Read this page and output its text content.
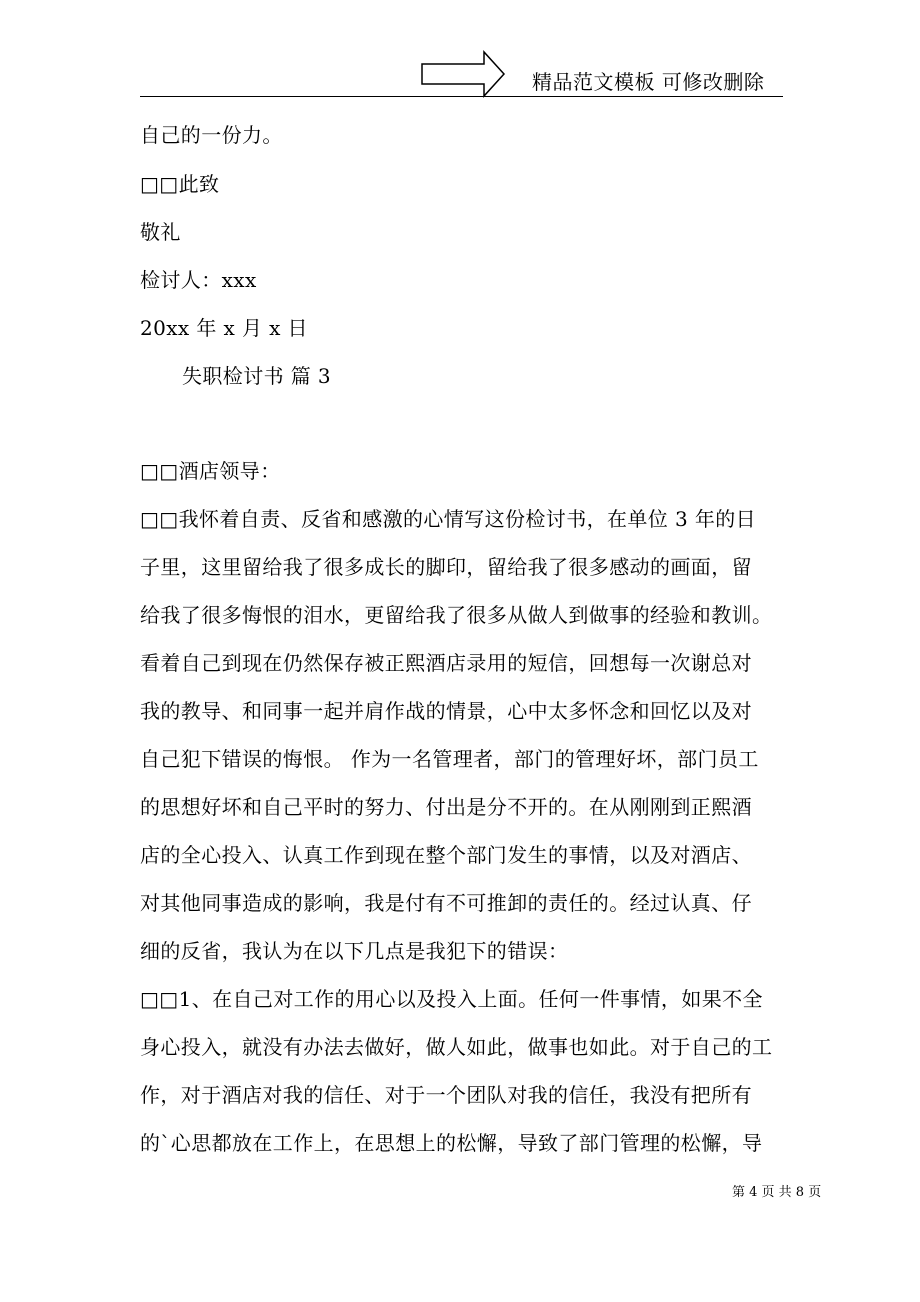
精品范文模板 可修改删除
自己的一份力。
□□此致
敬礼
检讨人：xxx
20xx 年 x 月 x 日
失职检讨书 篇 3
□□酒店领导：
□□我怀着自责、反省和感激的心情写这份检讨书，在单位 3 年的日
子里，这里留给我了很多成长的脚印，留给我了很多感动的画面，留
给我了很多悔恨的泪水，更留给我了很多从做人到做事的经验和教训。
看着自己到现在仍然保存被正熙酒店录用的短信，回想每一次谢总对
我的教导、和同事一起并肩作战的情景，心中太多怀念和回忆以及对
自己犯下错误的悔恨。 作为一名管理者，部门的管理好坏，部门员工
的思想好坏和自己平时的努力、付出是分不开的。在从刚刚到正熙酒
店的全心投入、认真工作到现在整个部门发生的事情，以及对酒店、
对其他同事造成的影响，我是付有不可推卸的责任的。经过认真、仔
细的反省，我认为在以下几点是我犯下的错误：
□□1、在自己对工作的用心以及投入上面。任何一件事情，如果不全
身心投入，就没有办法去做好，做人如此，做事也如此。对于自己的工
作，对于酒店对我的信任、对于一个团队对我的信任，我没有把所有
的`心思都放在工作上，在思想上的松懈，导致了部门管理的松懈，导
第 4 页 共 8 页
